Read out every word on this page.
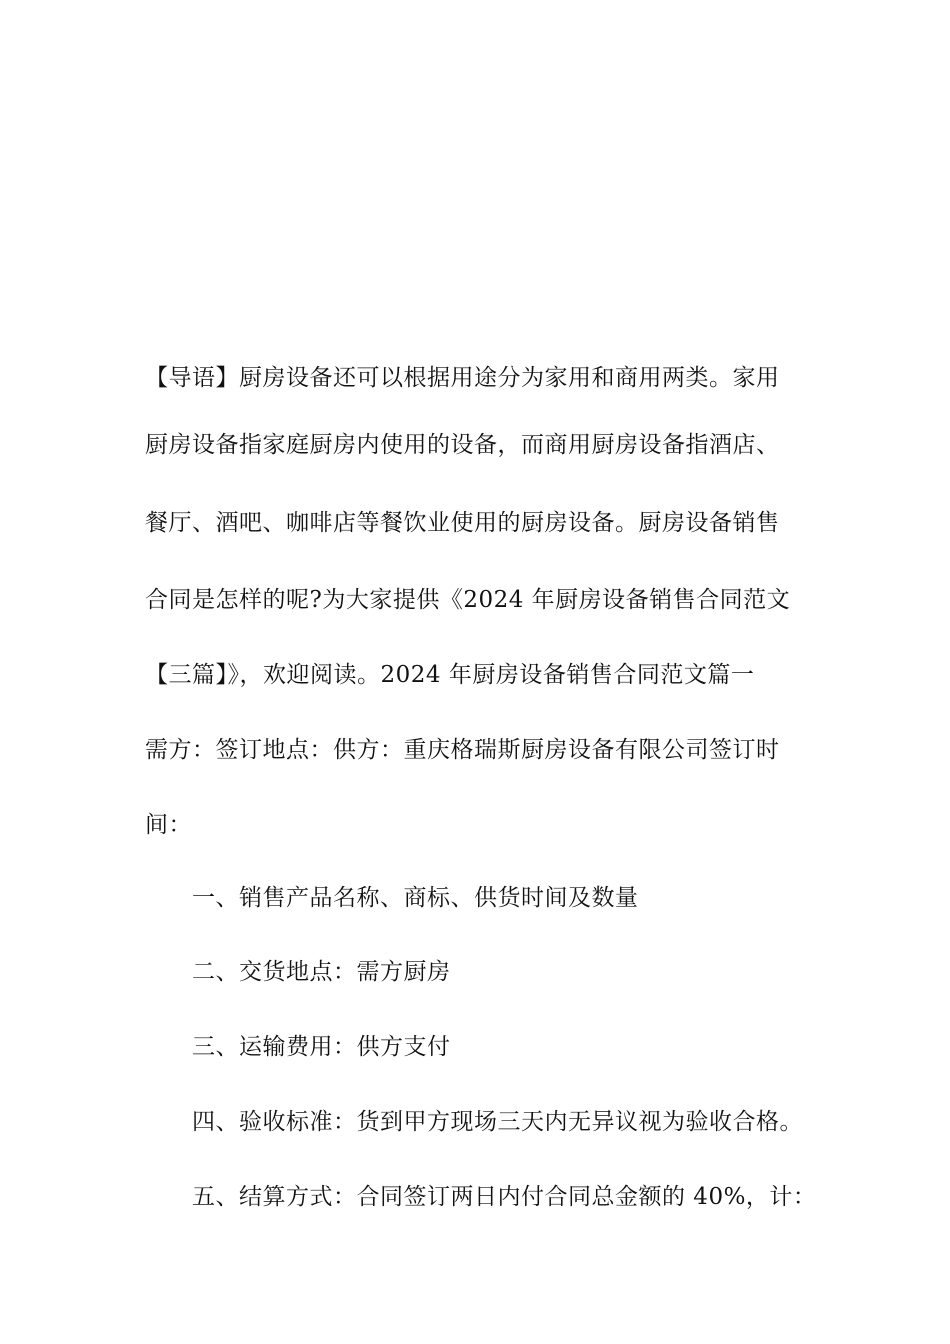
【导语】厨房设备还可以根据用途分为家用和商用两类。家用
厨房设备指家庭厨房内使用的设备，而商用厨房设备指酒店、
餐厅、酒吧、咖啡店等餐饮业使用的厨房设备。厨房设备销售
合同是怎样的呢?为大家提供《2024 年厨房设备销售合同范文
【三篇】》，欢迎阅读。2024 年厨房设备销售合同范文篇一
需方：签订地点：供方：重庆格瑞斯厨房设备有限公司签订时
间：
一、销售产品名称、商标、供货时间及数量
二、交货地点：需方厨房
三、运输费用：供方支付
四、验收标准：货到甲方现场三天内无异议视为验收合格。
五、结算方式：合同签订两日内付合同总金额的 40%，计：
